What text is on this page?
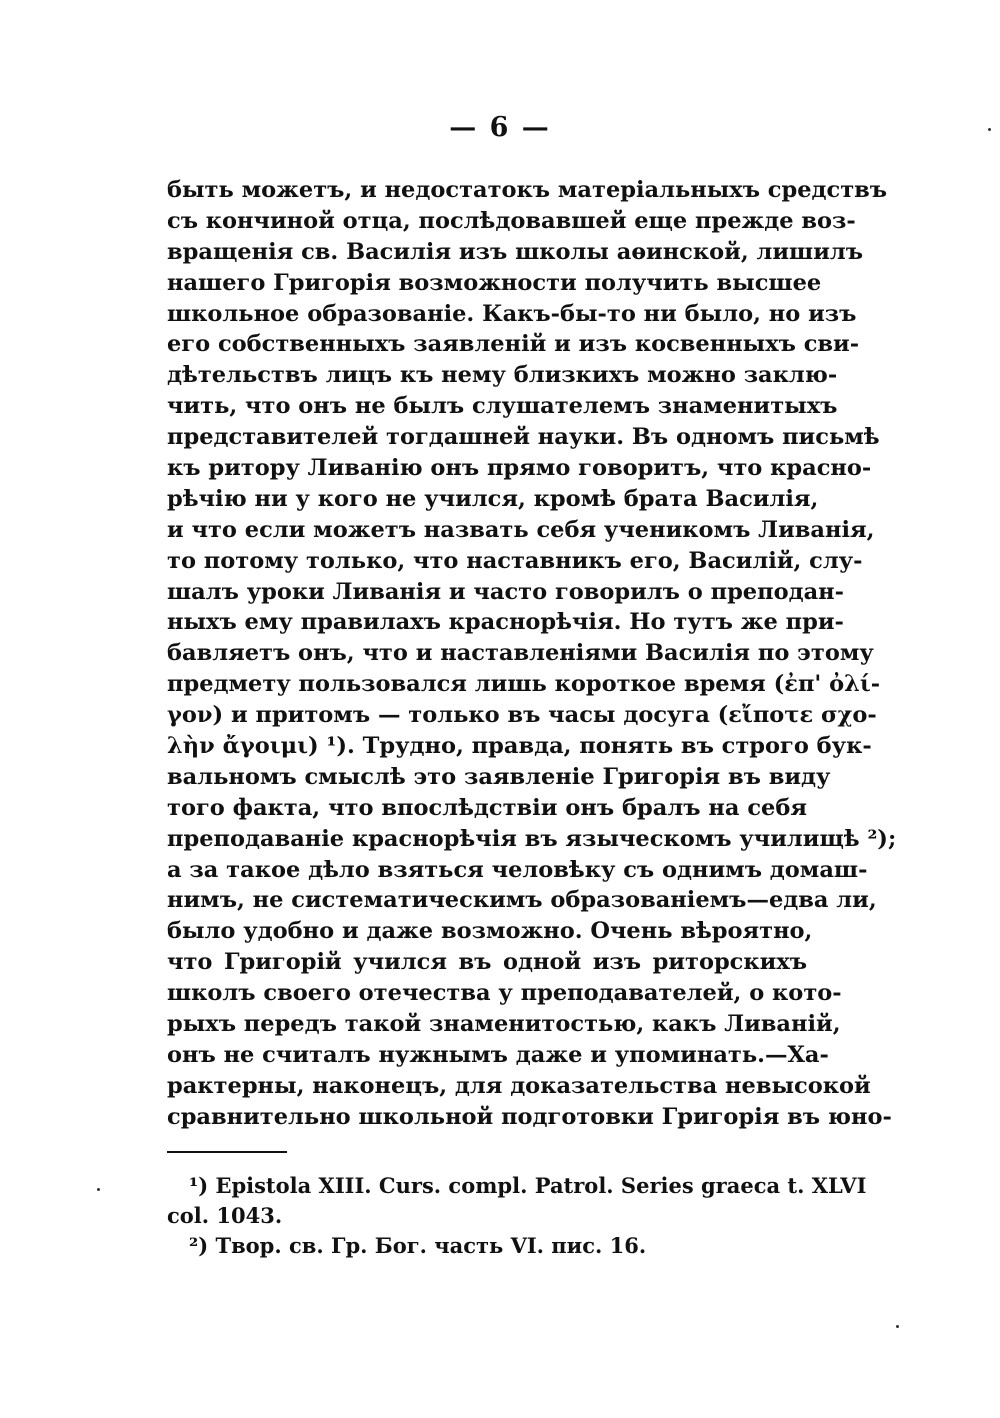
— 6 —
быть можетъ, и недостатокъ матеріальныхъ средствъ
съ кончиной отца, послѣдовавшей еще прежде воз-
вращенія св. Василія изъ школы аѳинской, лишилъ
нашего Григорія возможности получить высшее
школьное образованіе. Какъ-бы-то ни было, но изъ
его собственныхъ заявленій и изъ косвенныхъ сви-
дѣтельствъ лицъ къ нему близкихъ можно заклю-
чить, что онъ не былъ слушателемъ знаменитыхъ
представителей тогдашней науки. Въ одномъ письмѣ
къ ритору Ливанію онъ прямо говоритъ, что красно-
рѣчію ни у кого не учился, кромѣ брата Василія,
и что если можетъ назвать себя ученикомъ Ливанія,
то потому только, что наставникъ его, Василій, слу-
шалъ уроки Ливанія и часто говорилъ о преподан-
ныхъ ему правилахъ краснорѣчія. Но тутъ же при-
бавляетъ онъ, что и наставленіями Василія по этому
предмету пользовался лишь короткое время (ἐπ' ὀλί-
γον) и притомъ — только въ часы досуга (εἴποτε σχο-
λὴν ἄγοιμι) ¹). Трудно, правда, понять въ строго бук-
вальномъ смыслѣ это заявленіе Григорія въ виду
того факта, что впослѣдствіи онъ бралъ на себя
преподаваніе краснорѣчія въ языческомъ училищѣ ²);
а за такое дѣло взяться человѣку съ однимъ домаш-
нимъ, не систематическимъ образованіемъ—едва ли,
было удобно и даже возможно. Очень вѣроятно,
что Григорій учился въ одной изъ риторскихъ
школъ своего отечества у преподавателей, о кото-
рыхъ передъ такой знаменитостью, какъ Ливаній,
онъ не считалъ нужнымъ даже и упоминать.—Ха-
рактерны, наконецъ, для доказательства невысокой
сравнительно школьной подготовки Григорія въ юно-
¹) Epistola XIII. Curs. compl. Patrol. Series graeca t. XLVI
col. 1043.
²) Твор. св. Гр. Бог. часть VI. пис. 16.
